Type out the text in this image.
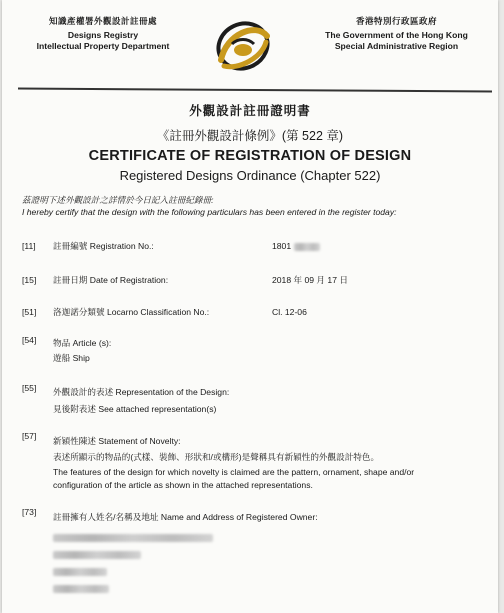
知識產權署外觀設計註冊處
Designs Registry
Intellectual Property Department
香港特別行政區政府
The Government of the Hong Kong
Special Administrative Region
外觀設計註冊證明書
《註冊外觀設計條例》(第 522 章)
CERTIFICATE OF REGISTRATION OF DESIGN
Registered Designs Ordinance (Chapter 522)
茲證明下述外觀設計之詳情於今日記入註冊紀錄冊:
I hereby certify that the design with the following particulars has been entered in the register today:
[11] 註冊編號 Registration No.:	1801
[15] 註冊日期 Date of Registration:	2018 年 09 月 17 日
[51] 洛迦諾分類號 Locarno Classification No.:	Cl. 12-06
[54] 物品 Article (s):
遊船 Ship
[55] 外觀設計的表述 Representation of the Design:
見後附表述 See attached representation(s)
[57] 新穎性陳述 Statement of Novelty:
表述所顯示的物品的(式樣、裝飾、形狀和/或構形)是聲稱具有新穎性的外觀設計特色。
The features of the design for which novelty is claimed are the pattern, ornament, shape and/or
configuration of the article as shown in the attached representations.
[73] 註冊擁有人姓名/名稱及地址 Name and Address of Registered Owner:
